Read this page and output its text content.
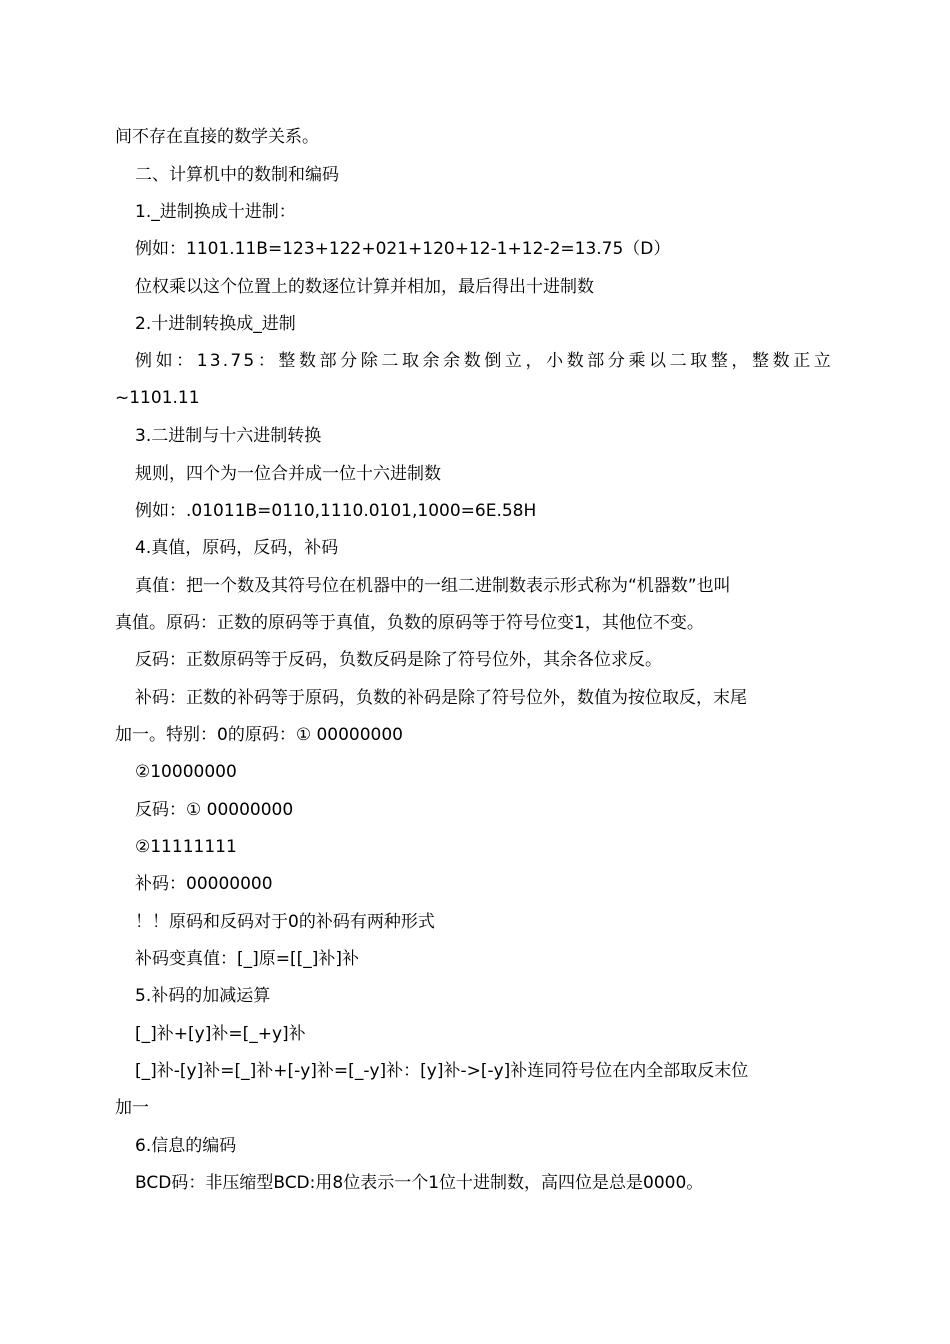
间不存在直接的数学关系。
二、计算机中的数制和编码
1._进制换成十进制：
例如：1101.11B=123+122+021+120+12-1+12-2=13.75（D）
位权乘以这个位置上的数逐位计算并相加，最后得出十进制数
2.十进制转换成_进制
例如：13.75：整数部分除二取余余数倒立，小数部分乘以二取整，整数正立
~1101.11
3.二进制与十六进制转换
规则，四个为一位合并成一位十六进制数
例如：.01011B=0110,1110.0101,1000=6E.58H
4.真值，原码，反码，补码
真值：把一个数及其符号位在机器中的一组二进制数表示形式称为“机器数”也叫
真值。原码：正数的原码等于真值，负数的原码等于符号位变1，其他位不变。
反码：正数原码等于反码，负数反码是除了符号位外，其余各位求反。
补码：正数的补码等于原码，负数的补码是除了符号位外，数值为按位取反，末尾
加一。特别：0的原码：① 00000000
②10000000
反码：① 00000000
②11111111
补码：00000000
！！原码和反码对于0的补码有两种形式
补码变真值：[_]原=[[_]补]补
5.补码的加减运算
[_]补+[y]补=[_+y]补
[_]补-[y]补=[_]补+[-y]补=[_-y]补：[y]补->[-y]补连同符号位在内全部取反末位
加一
6.信息的编码
BCD码：非压缩型BCD:用8位表示一个1位十进制数，高四位是总是0000。
